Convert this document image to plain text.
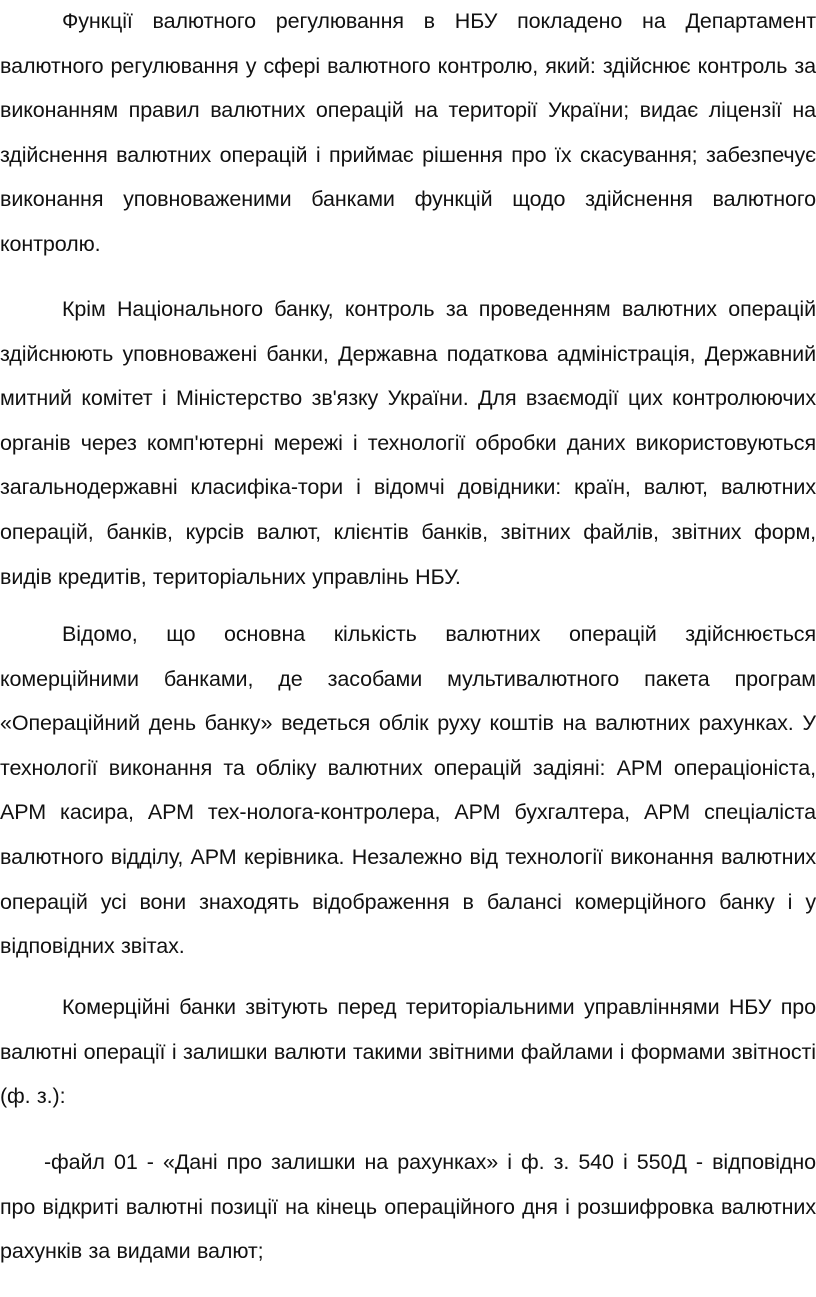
Функції валютного регулювання в НБУ покладено на Департамент валютного регулювання у сфері валютного контролю, який: здійснює контроль за виконанням правил валютних операцій на території України; видає ліцензії на здійснення валютних операцій і приймає рішення про їх скасування; забезпечує виконання уповноваженими банками функцій щодо здійснення валютного контролю.

Крім Національного банку, контроль за проведенням валютних операцій здійснюють уповноважені банки, Державна податкова адміністрація, Державний митний комітет і Міністерство зв'язку України. Для взаємодії цих контролюючих органів через комп'ютерні мережі і технології обробки даних використовуються загальнодержавні класифіка-тори і відомчі довідники: країн, валют, валютних операцій, банків, курсів валют, клієнтів банків, звітних файлів, звітних форм, видів кредитів, територіальних управлінь НБУ.

Відомо, що основна кількість валютних операцій здійснюється комерційними банками, де засобами мультивалютного пакета програм «Операційний день банку» ведеться облік руху коштів на валютних рахунках. У технології виконання та обліку валютних операцій задіяні: АРМ операціоніста, АРМ касира, АРМ тех-нолога-контролера, АРМ бухгалтера, АРМ спеціаліста валютного відділу, АРМ керівника. Незалежно від технології виконання валютних операцій усі вони знаходять відображення в балансі комерційного банку і у відповідних звітах.

Комерційні банки звітують перед територіальними управліннями НБУ про валютні операції і залишки валюти такими звітними файлами і формами звітності (ф. з.):

-файл 01 - «Дані про залишки на рахунках» і ф. з. 540 і 550Д - відповідно про відкриті валютні позиції на кінець операційного дня і розшифровка валютних рахунків за видами валют;
